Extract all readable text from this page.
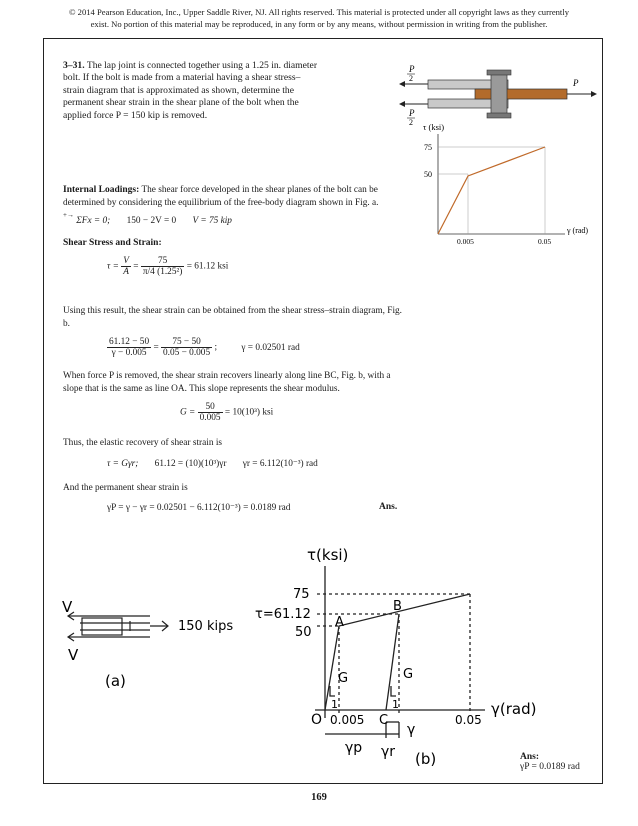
© 2014 Pearson Education, Inc., Upper Saddle River, NJ. All rights reserved. This material is protected under all copyright laws as they currently
exist. No portion of this material may be reproduced, in any form or by any means, without permission in writing from the publisher.
3–31. The lap joint is connected together using a 1.25 in. diameter bolt. If the bolt is made from a material having a shear stress–strain diagram that is approximated as shown, determine the permanent shear strain in the shear plane of the bolt when the applied force P = 150 kip is removed.
P
2
P
2
P
τ (ksi)
75
50
0.005	0.05
γ (rad)
Internal Loadings: The shear force developed in the shear planes of the bolt can be determined by considering the equilibrium of the free-body diagram shown in Fig. a.
+→ ΣFx = 0; 150 − 2V = 0 V = 75 kip
Shear Stress and Strain:
$\tau = \frac{V}{A} = \frac{75}{\text{π/4 (1.25²)}} = 61.12$ ksi
Using this result, the shear strain can be obtained from the shear stress–strain diagram, Fig. b.
$\frac{61.12 - 50}{\gamma - 0.005} = \frac{75 - 50}{0.05 - 0.005}$ ;	γ = 0.02501 rad
When force P is removed, the shear strain recovers linearly along line BC, Fig. b, with a slope that is the same as line OA. This slope represents the shear modulus.
$G = \frac{50}{0.005} = 10(10^3)$ ksi
Thus, the elastic recovery of shear strain is
τ = Gγr; 61.12 = (10)(10³)γr γr = 6.112(10⁻³) rad
And the permanent shear strain is
γP = γ − γr = 0.02501 − 6.112(10⁻³) = 0.0189 rad	Ans.
V
V
150 kips
(a)
τ(ksi)
75
τ=61.12
50
A
B
C
G	G
1	1
O 0.005	0.05
γ(rad)
γp γr
γ
(b)	Ans:
γP = 0.0189 rad
169
